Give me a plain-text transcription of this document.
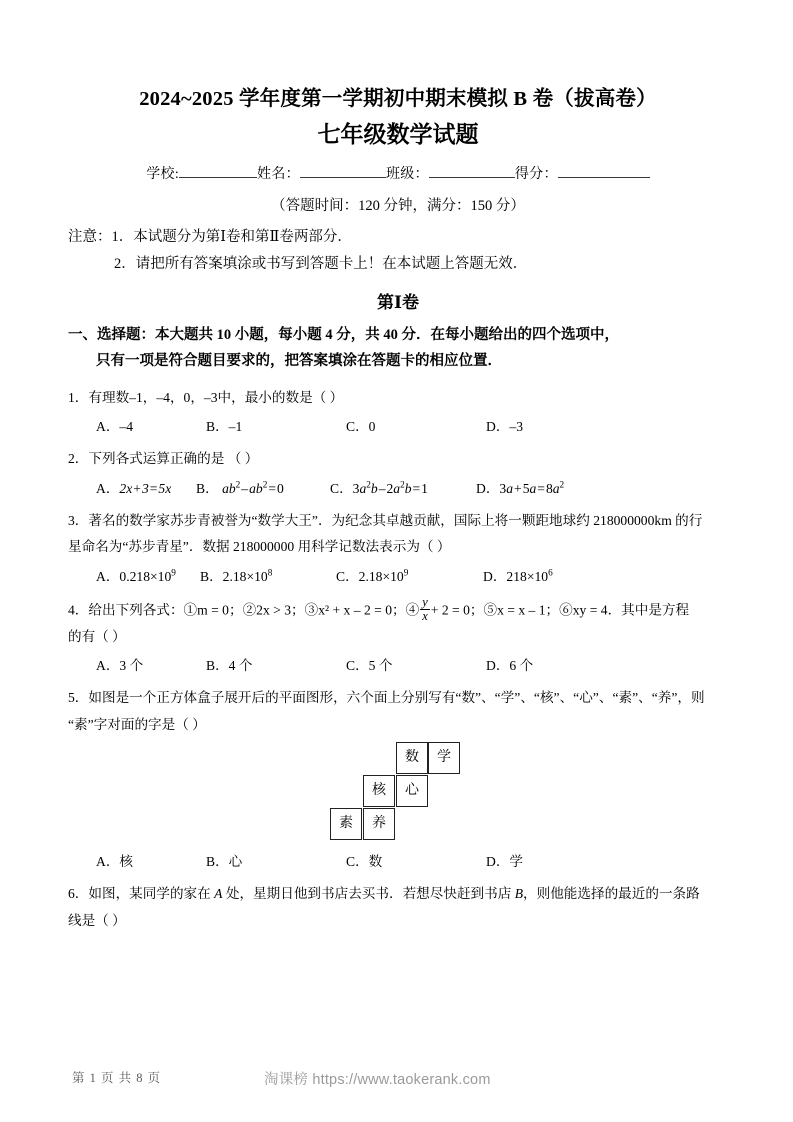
2024~2025 学年度第一学期初中期末模拟 B 卷（拔高卷）
七年级数学试题
学校:	姓名：	班级：	得分：
（答题时间：120 分钟，满分：150 分）
注意：1．本试题分为第Ⅰ卷和第Ⅱ卷两部分．
2．请把所有答案填涂或书写到答题卡上！在本试题上答题无效．
第Ⅰ卷
一、选择题：本大题共 10 小题，每小题 4 分，共 40 分．在每小题给出的四个选项中，
只有一项是符合题目要求的，把答案填涂在答题卡的相应位置．
1．有理数–1，–4，0，–3中，最小的数是（ ）
A．–4	B．–1	C．0	D．–3
2．下列各式运算正确的是 （ ）
A．2x+3=5x B． $ab^2-ab^2=0$	C．$3a^2b-2a^2b=1$	D．$3a+5a=8a^2$
3．著名的数学家苏步青被誉为“数学大王”．为纪念其卓越贡献，国际上将一颗距地球约 218000000km 的行
星命名为“苏步青星”．数据 218000000 用科学记数法表示为（ ）
A．$0.218\times 10^9$ B．$2.18\times 10^8$	C．$2.18\times 10^9$	D．$218\times 10^6$
4．给出下列各式：①m = 0；②2x > 3；③x² + x – 2 = 0；④ $\frac{y}{x} + 2 = 0$；⑤x = x – 1；⑥xy = 4．其中是方程
的有（ ）
A．3 个	B．4 个	C．5 个	D．6 个
5．如图是一个正方体盒子展开后的平面图形，六个面上分别写有“数”、“学”、“核”、“心”、“素”、“养”，则
“素”字对面的字是（ ）
数	学
核	心
素	养
A．核	B．心	C．数	D．学
6．如图，某同学的家在 A 处，星期日他到书店去买书．若想尽快赶到书店 B，则他能选择的最近的一条路
线是（ ）
第 1 页 共 8 页	淘课榜 https://www.taokerank.com
